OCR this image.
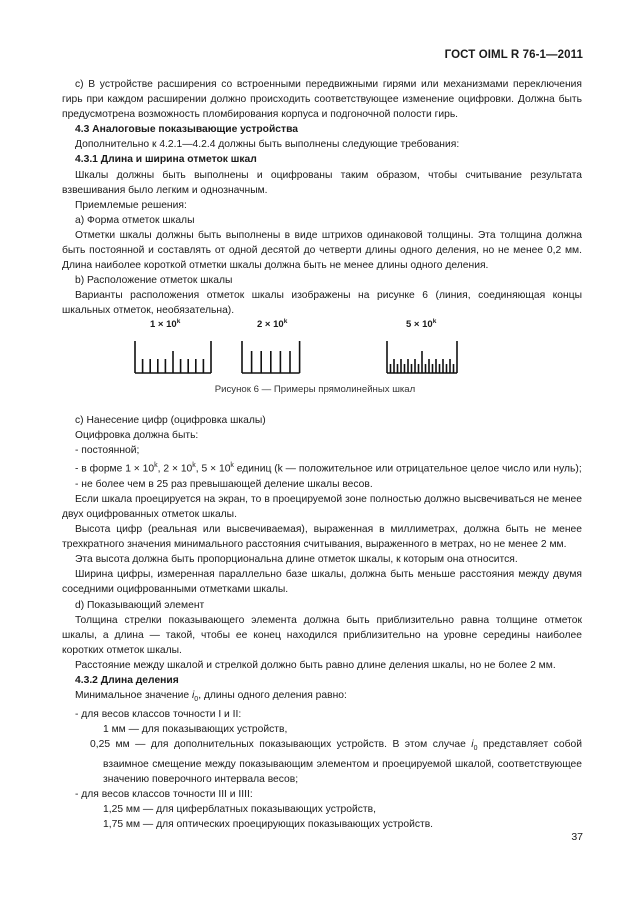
ГОСТ OIML R 76-1—2011

c) В устройстве расширения со встроенными передвижными гирями или механизмами переключения гирь при каждом расширении должно происходить соответствующее изменение оцифровки. Должна быть предусмотрена возможность пломбирования корпуса и подгоночной полости гирь.

4.3 Аналоговые показывающие устройства

Дополнительно к 4.2.1—4.2.4 должны быть выполнены следующие требования:

4.3.1 Длина и ширина отметок шкал

Шкалы должны быть выполнены и оцифрованы таким образом, чтобы считывание результата взвешивания было легким и однозначным.

Приемлемые решения:

a) Форма отметок шкалы

Отметки шкалы должны быть выполнены в виде штрихов одинаковой толщины. Эта толщина должна быть постоянной и составлять от одной десятой до четверти длины одного деления, но не менее 0,2 мм. Длина наиболее короткой отметки шкалы должна быть не менее длины одного деления.

b) Расположение отметок шкалы

Варианты расположения отметок шкалы изображены на рисунке 6 (линия, соединяющая концы шкальных отметок, необязательна).

$1 \times 10^k$	$2 \times 10^k$	$5 \times 10^k$
Рисунок 6 — Примеры прямолинейных шкал

c) Нанесение цифр (оцифровка шкалы)

Оцифровка должна быть:

- постоянной;

- в форме $1 \times 10^k$, $2 \times 10^k$, $5 \times 10^k$ единиц (k — положительное или отрицательное целое число или нуль);

- не более чем в 25 раз превышающей деление шкалы весов.

Если шкала проецируется на экран, то в проецируемой зоне полностью должно высвечиваться не менее двух оцифрованных отметок шкалы.

Высота цифр (реальная или высвечиваемая), выраженная в миллиметрах, должна быть не менее трехкратного значения минимального расстояния считывания, выраженного в метрах, но не менее 2 мм.

Эта высота должна быть пропорциональна длине отметок шкалы, к которым она относится.

Ширина цифры, измеренная параллельно базе шкалы, должна быть меньше расстояния между двумя соседними оцифрованными отметками шкалы.

d) Показывающий элемент

Толщина стрелки показывающего элемента должна быть приблизительно равна толщине отметок шкалы, а длина — такой, чтобы ее конец находился приблизительно на уровне середины наиболее коротких отметок шкалы.

Расстояние между шкалой и стрелкой должно быть равно длине деления шкалы, но не более 2 мм.

4.3.2 Длина деления

Минимальное значение $i_0$, длины одного деления равно:

- для весов классов точности I и II:

1 мм — для показывающих устройств,

0,25 мм — для дополнительных показывающих устройств. В этом случае $i_0$ представляет собой взаимное смещение между показывающим элементом и проецируемой шкалой, соответствующее значению поверочного интервала весов;

- для весов классов точности III и IIII:

1,25 мм — для циферблатных показывающих устройств,

1,75 мм — для оптических проецирующих показывающих устройств.

37
